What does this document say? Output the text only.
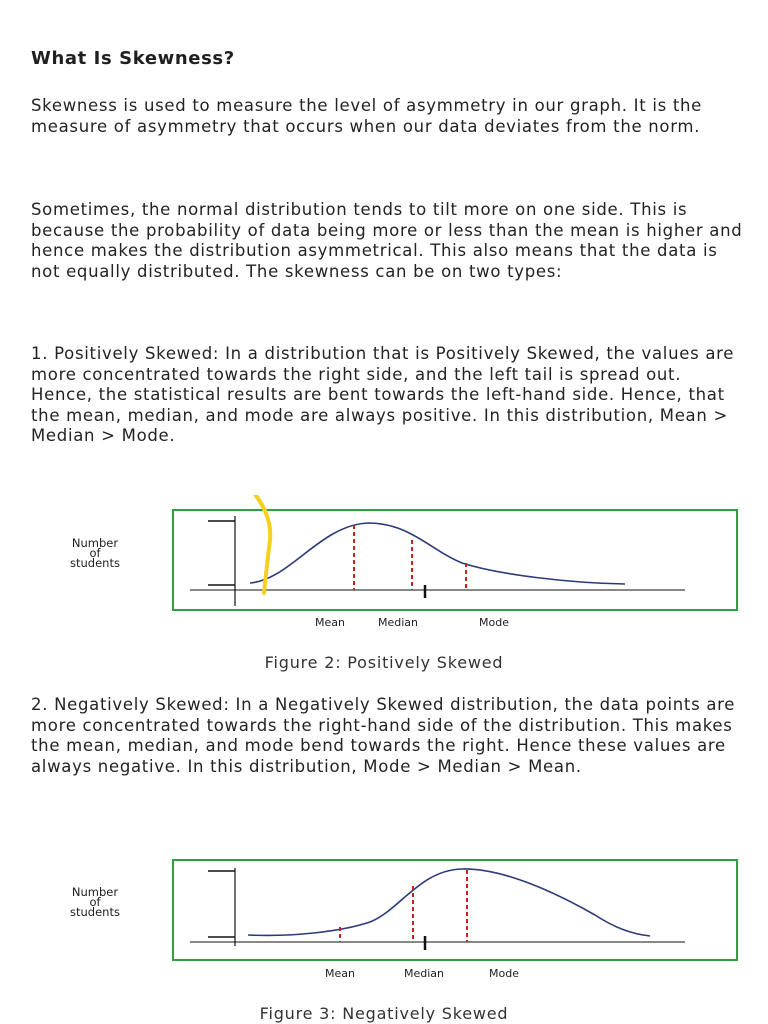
What Is Skewness?

Skewness is used to measure the level of asymmetry in our graph. It is the measure of asymmetry that occurs when our data deviates from the norm.

Sometimes, the normal distribution tends to tilt more on one side. This is because the probability of data being more or less than the mean is higher and hence makes the distribution asymmetrical. This also means that the data is not equally distributed. The skewness can be on two types:

1. Positively Skewed: In a distribution that is Positively Skewed, the values are more concentrated towards the right side, and the left tail is spread out. Hence, the statistical results are bent towards the left-hand side. Hence, that the mean, median, and mode are always positive. In this distribution, Mean > Median > Mode.

Number
of
students
Mean	Median	Mode

Figure 2: Positively Skewed

2. Negatively Skewed: In a Negatively Skewed distribution, the data points are more concentrated towards the right-hand side of the distribution. This makes the mean, median, and mode bend towards the right. Hence these values are always negative. In this distribution, Mode > Median > Mean.

Number
of
students
Mean	Median	Mode

Figure 3: Negatively Skewed
